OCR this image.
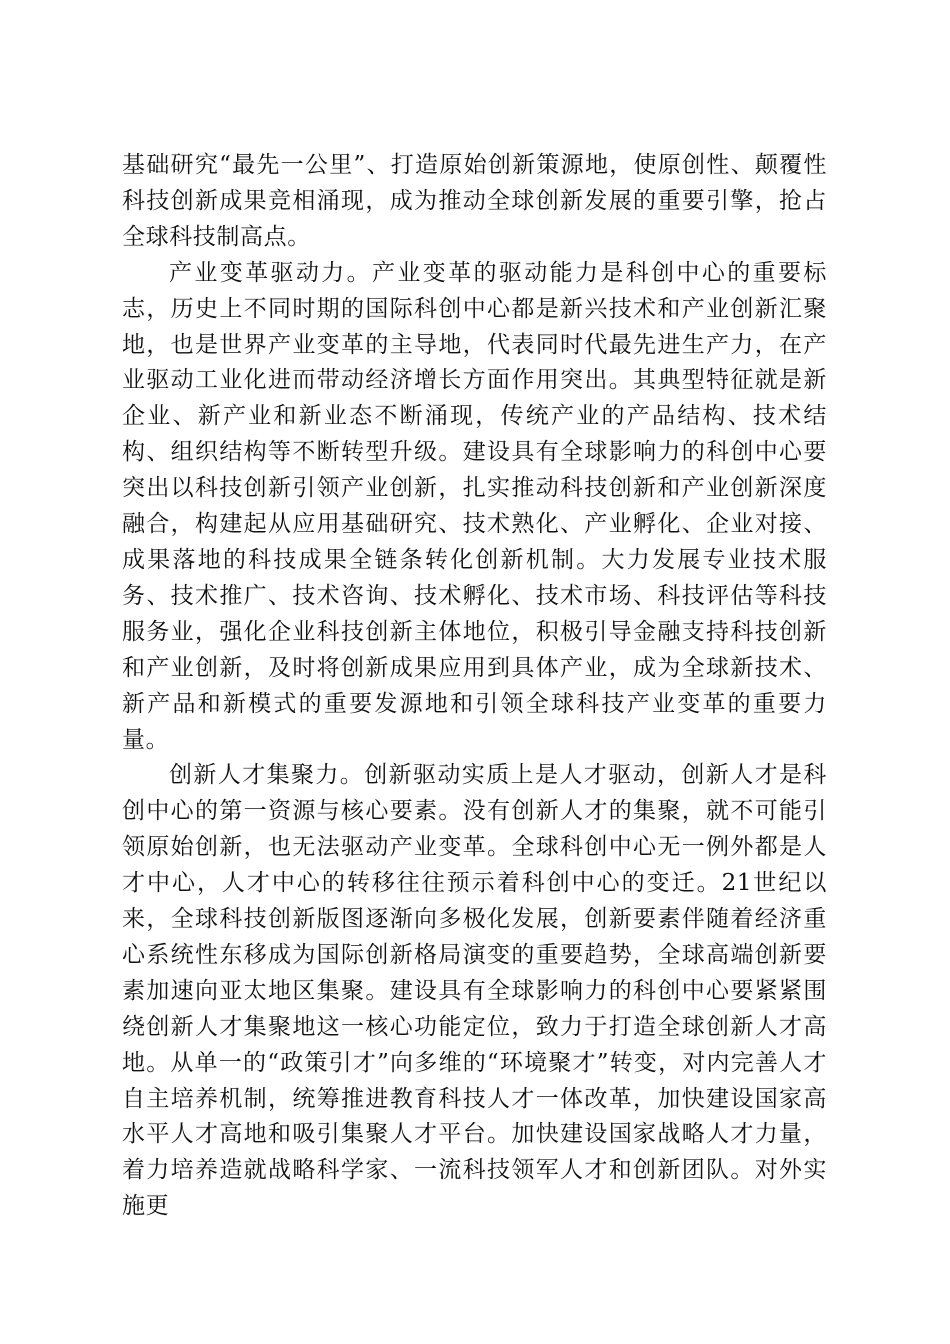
基础研究“最先一公里”、打造原始创新策源地，使原创性、颠覆性科技创新成果竞相涌现，成为推动全球创新发展的重要引擎，抢占全球科技制高点。

产业变革驱动力。产业变革的驱动能力是科创中心的重要标志，历史上不同时期的国际科创中心都是新兴技术和产业创新汇聚地，也是世界产业变革的主导地，代表同时代最先进生产力，在产业驱动工业化进而带动经济增长方面作用突出。其典型特征就是新企业、新产业和新业态不断涌现，传统产业的产品结构、技术结构、组织结构等不断转型升级。建设具有全球影响力的科创中心要突出以科技创新引领产业创新，扎实推动科技创新和产业创新深度融合，构建起从应用基础研究、技术熟化、产业孵化、企业对接、成果落地的科技成果全链条转化创新机制。大力发展专业技术服务、技术推广、技术咨询、技术孵化、技术市场、科技评估等科技服务业，强化企业科技创新主体地位，积极引导金融支持科技创新和产业创新，及时将创新成果应用到具体产业，成为全球新技术、新产品和新模式的重要发源地和引领全球科技产业变革的重要力量。

创新人才集聚力。创新驱动实质上是人才驱动，创新人才是科创中心的第一资源与核心要素。没有创新人才的集聚，就不可能引领原始创新，也无法驱动产业变革。全球科创中心无一例外都是人才中心，人才中心的转移往往预示着科创中心的变迁。21世纪以来，全球科技创新版图逐渐向多极化发展，创新要素伴随着经济重心系统性东移成为国际创新格局演变的重要趋势，全球高端创新要素加速向亚太地区集聚。建设具有全球影响力的科创中心要紧紧围绕创新人才集聚地这一核心功能定位，致力于打造全球创新人才高地。从单一的“政策引才”向多维的“环境聚才”转变，对内完善人才自主培养机制，统筹推进教育科技人才一体改革，加快建设国家高水平人才高地和吸引集聚人才平台。加快建设国家战略人才力量，着力培养造就战略科学家、一流科技领军人才和创新团队。对外实施更
